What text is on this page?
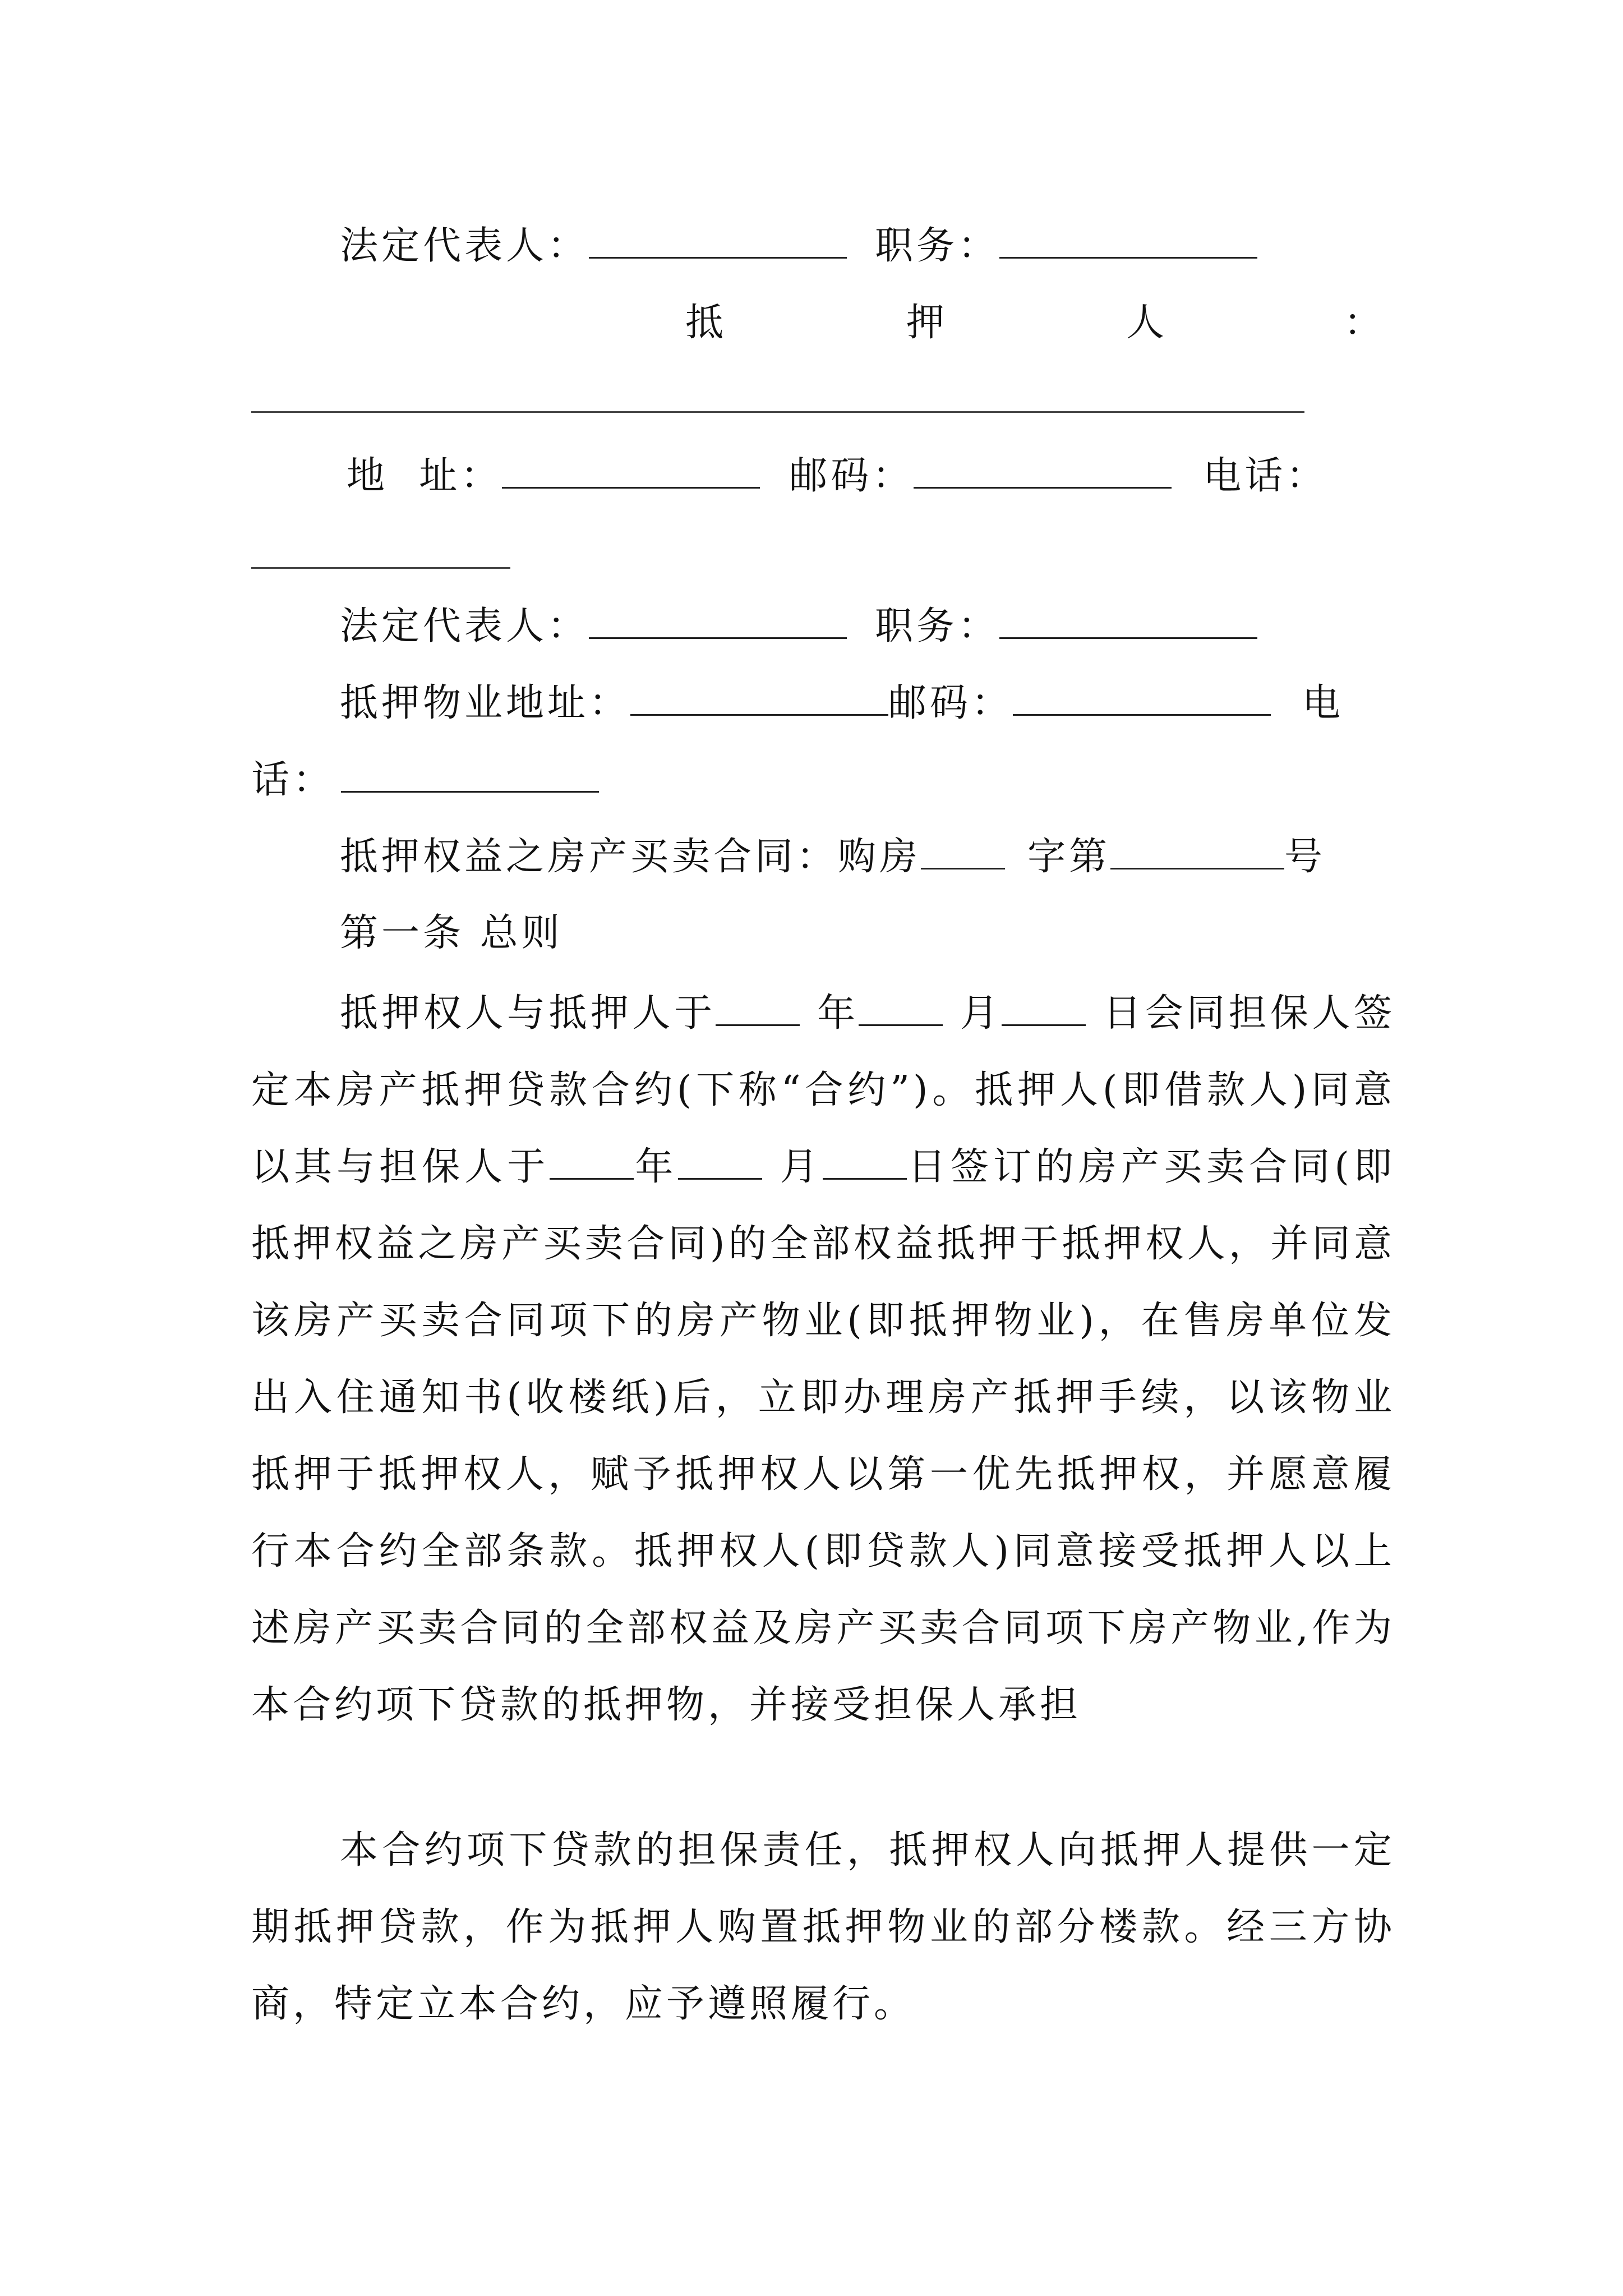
法定代表人：	职务：
抵	押	人	：
地  址：	邮码：	电话：
法定代表人：	职务：
抵押物业地址：	邮码：	电
话：
抵押权益之房产买卖合同：购房	字第	号
第一条 总则
抵押权人与抵押人于	年	月	日会同担保人签定本房产抵押贷款合约(下称“合约”)。抵押人(即借款人)同意以其与担保人于 年	月 日签订的房产买卖合同(即抵押权益之房产买卖合同)的全部权益抵押于抵押权人，并同意该房产买卖合同项下的房产物业(即抵押物业)，在售房单位发出入住通知书(收楼纸)后，立即办理房产抵押手续，以该物业抵押于抵押权人，赋予抵押权人以第一优先抵押权，并愿意履行本合约全部条款。抵押权人(即贷款人)同意接受抵押人以上述房产买卖合同的全部权益及房产买卖合同项下房产物业,作为本合约项下贷款的抵押物，并接受担保人承担
本合约项下贷款的担保责任，抵押权人向抵押人提供一定期抵押贷款，作为抵押人购置抵押物业的部分楼款。经三方协商，特定立本合约，应予遵照履行。
